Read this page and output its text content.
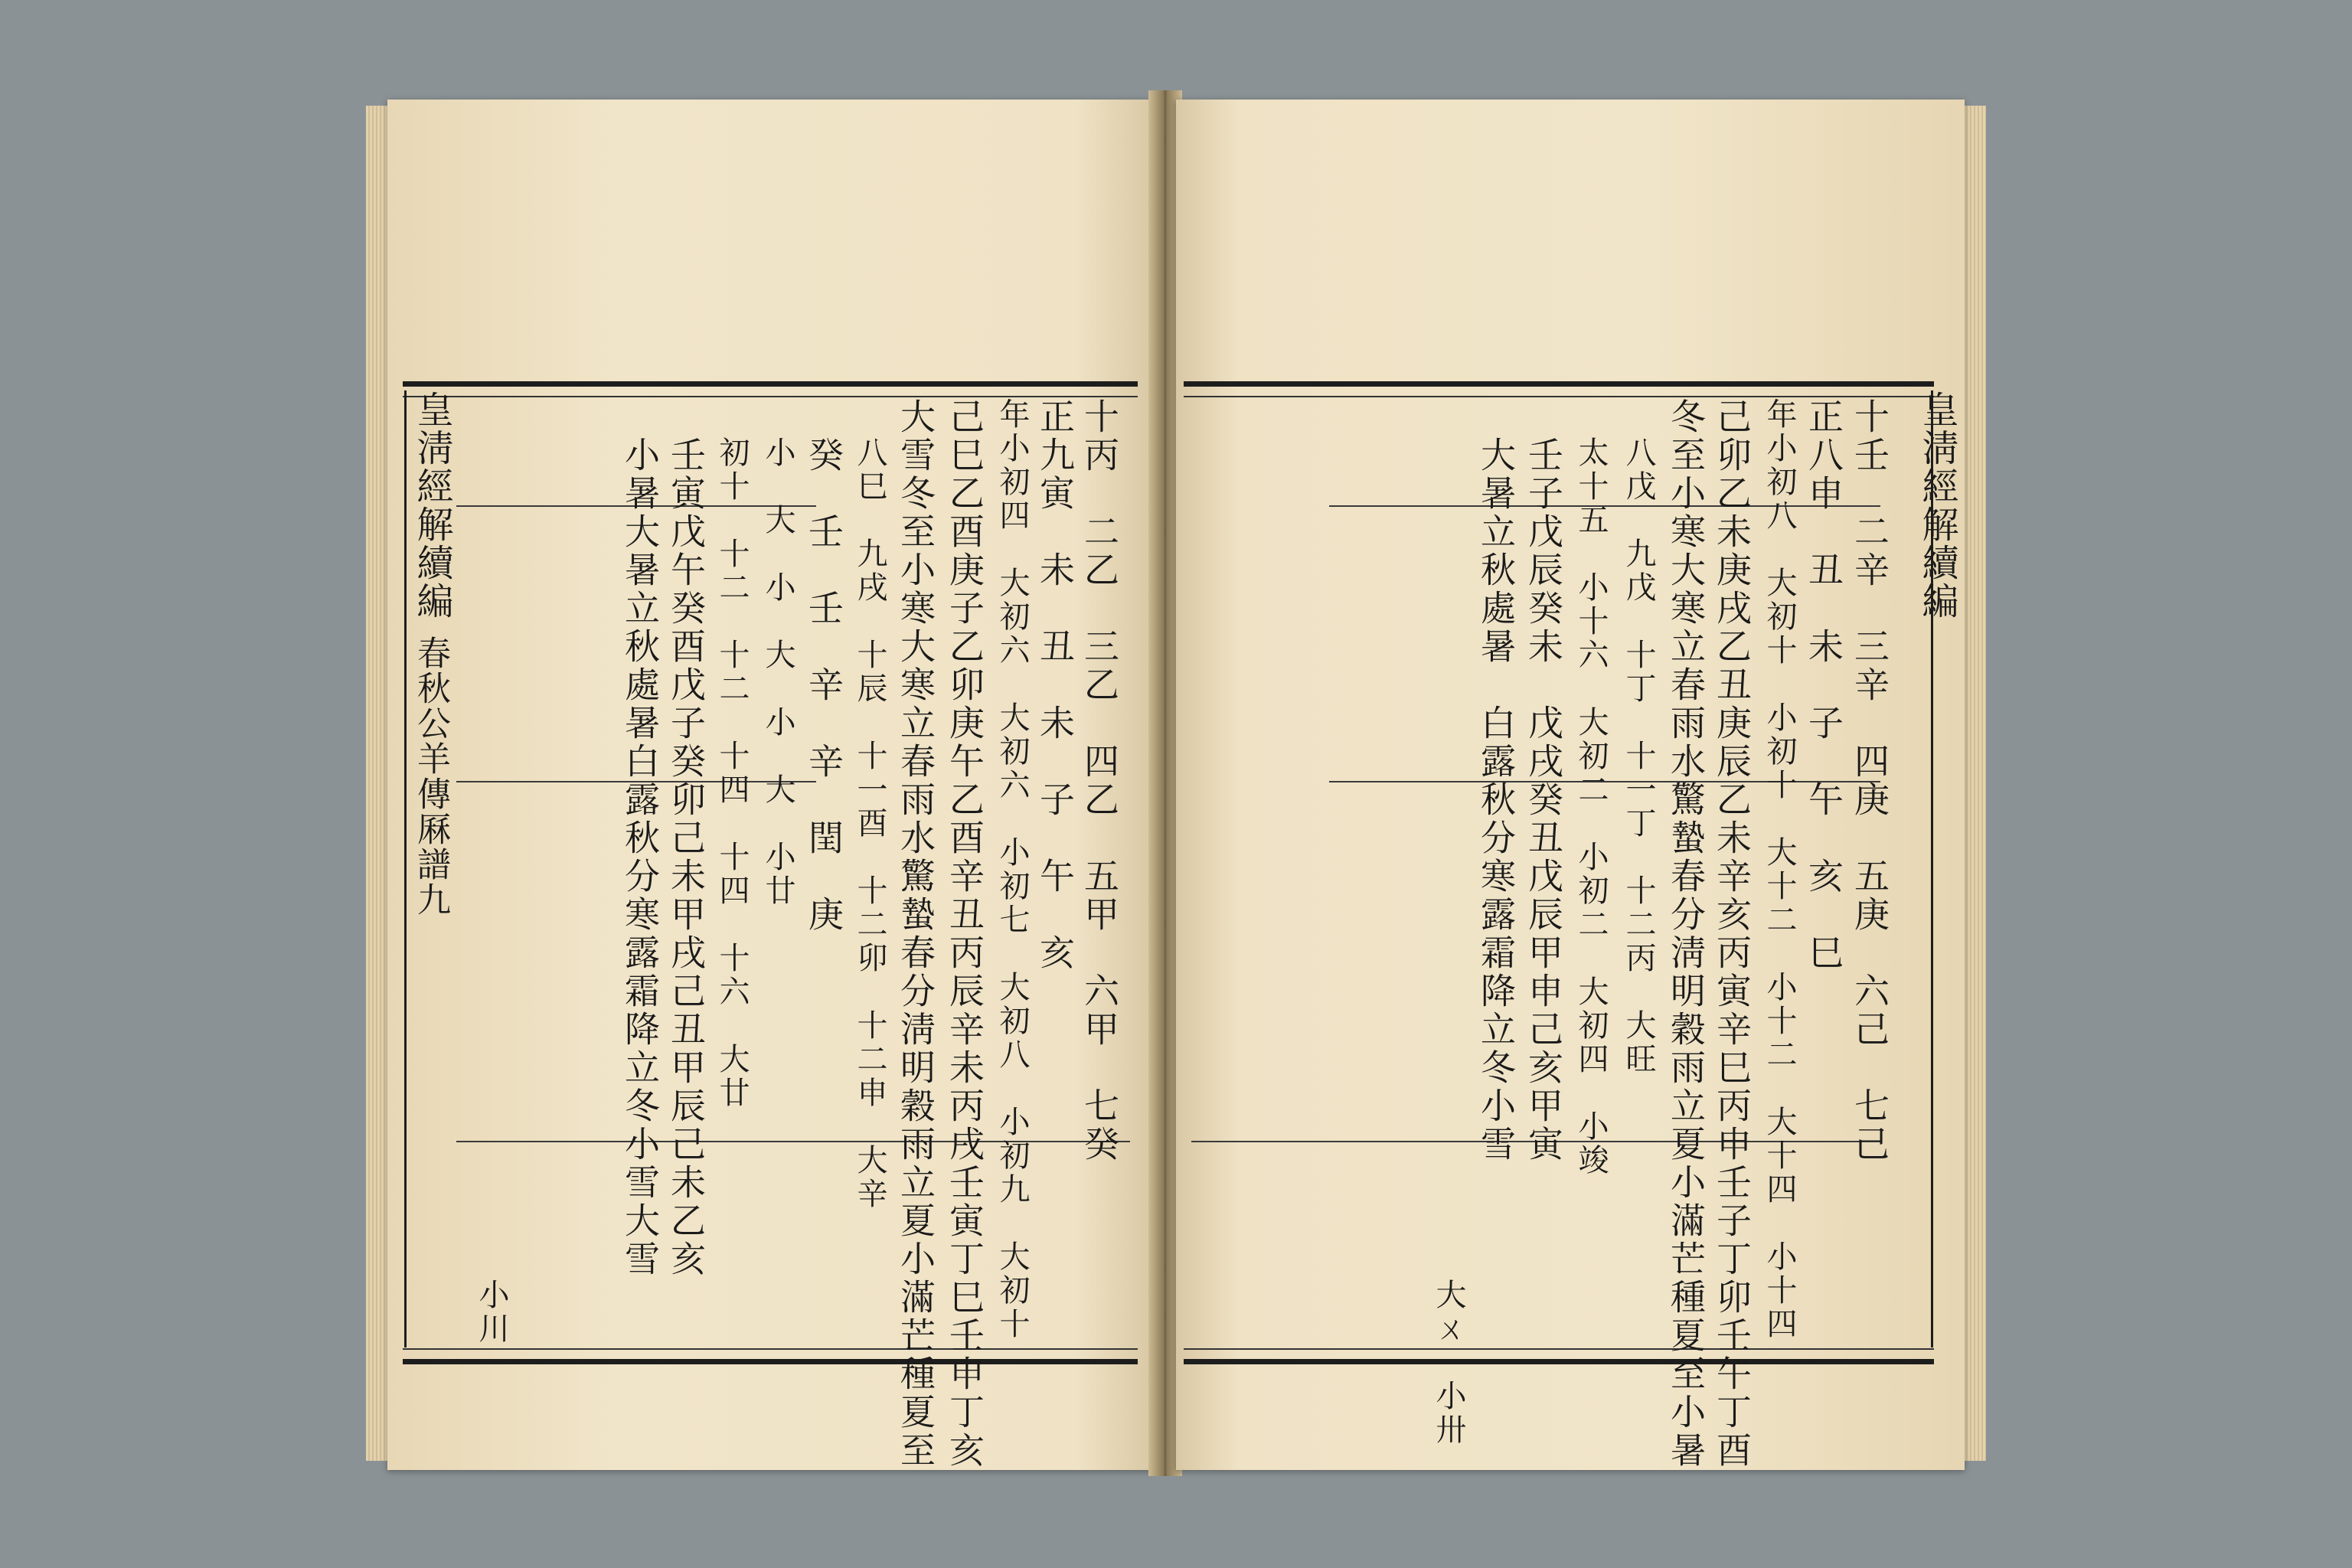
皇淸經解續編
春秋公羊傳厤譜九	十丙　二乙　三乙　四乙　五甲　六甲　七癸
正九寅　未　丑　未　子　午　亥
年小初四　大初六　大初六　小初七　大初八　小初九　大初十
己巳乙酉庚子乙卯庚午乙酉辛丑丙辰辛未丙戌壬寅丁巳壬申丁亥
大雪冬至小寒大寒立春雨水驚蟄春分淸明穀雨立夏小滿芒種夏至
八巳　九戌　十辰　十一酉　十二卯　十二申　大辛
癸　壬　壬　辛　辛　閏　庚
小　大　小　大　小　大　小廿
初十　十二　十二　十四　十四　十六　大廿
壬寅戊午癸酉戊子癸卯己未甲戌己丑甲辰己未乙亥
小暑大暑立秋處暑白露秋分寒露霜降立冬小雪大雪
小川
皇淸經解續編
十壬　二辛　三辛　四庚　五庚　六己　七己
正八申　丑　未　子　午　亥　巳
年小初八　大初十　小初十　大十二　小十二　大十四　小十四
己卯乙未庚戌乙丑庚辰乙未辛亥丙寅辛巳丙申壬子丁卯壬午丁酉
冬至小寒大寒立春雨水驚蟄春分淸明穀雨立夏小滿芒種夏至小暑
八戊　九戊　十丁　十一丁　十二丙　大旺
太十五　小十六　大初二　小初二　大初四　小竣
壬子戊辰癸未　戊戌癸丑戊辰甲申己亥甲寅
大暑立秋處暑　白露秋分寒露霜降立冬小雪
大ㄨ　小卅
